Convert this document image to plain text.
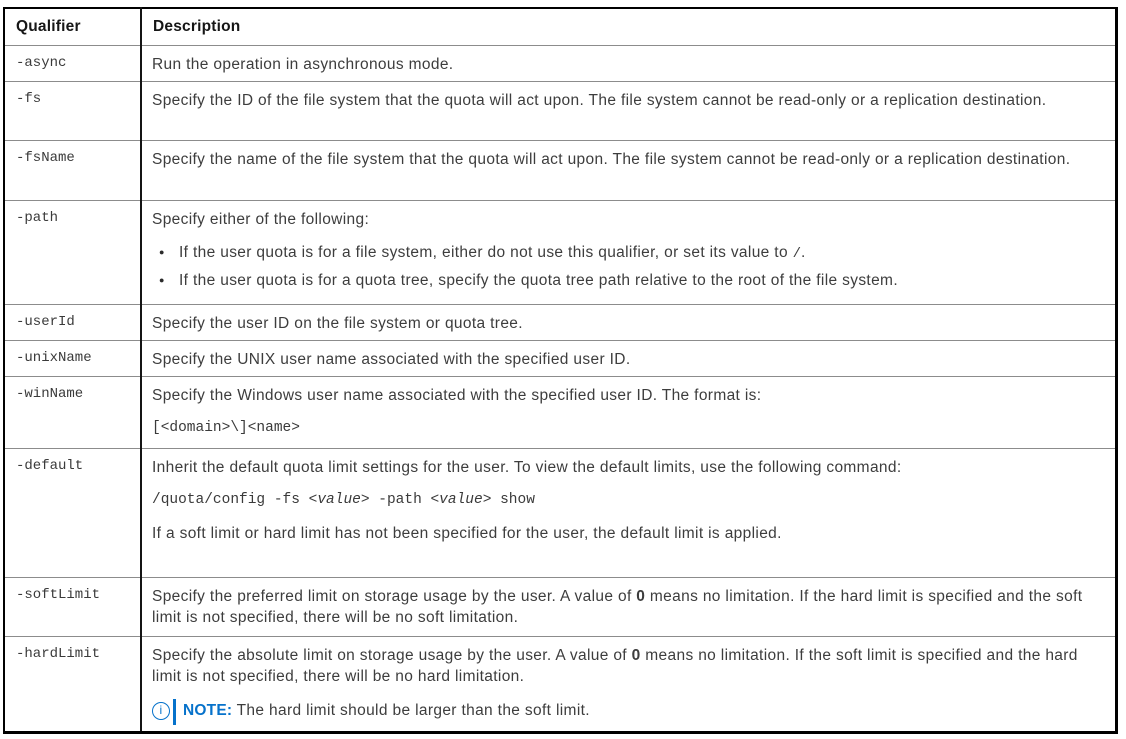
Qualifier	Description
-async	Run the operation in asynchronous mode.

-fs	Specify the ID of the file system that the quota will act upon. The file system cannot be read-only or a replication destination.

-fsName	Specify the name of the file system that the quota will act upon. The file system cannot be read-only or a replication destination.

-path	Specify either of the following:
● If the user quota is for a file system, either do not use this qualifier, or set its value to /.
● If the user quota is for a quota tree, specify the quota tree path relative to the root of the file system.

-userId	Specify the user ID on the file system or quota tree.

-unixName	Specify the UNIX user name associated with the specified user ID.

-winName	Specify the Windows user name associated with the specified user ID. The format is:
[<domain>\]<name>

-default	Inherit the default quota limit settings for the user. To view the default limits, use the following command:
/quota/config -fs <value> -path <value> show
If a soft limit or hard limit has not been specified for the user, the default limit is applied.

-softLimit	Specify the preferred limit on storage usage by the user. A value of 0 means no limitation. If the hard limit is specified and the soft limit is not specified, there will be no soft limitation.

-hardLimit	Specify the absolute limit on storage usage by the user. A value of 0 means no limitation. If the soft limit is specified and the hard limit is not specified, there will be no hard limitation.
i NOTE: The hard limit should be larger than the soft limit.
